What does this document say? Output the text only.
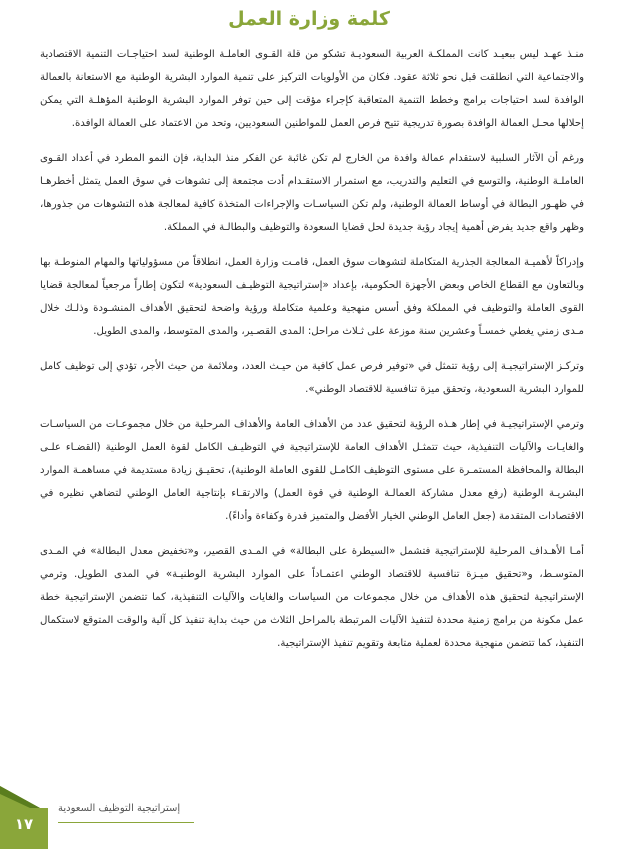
كلمة وزارة العمل

منـذ عهـد ليس ببعيـد كانت المملكـة العربية السعوديـة تشكو من قلة القـوى العاملـة الوطنية لسد احتياجـات التنمية الاقتصادية والاجتماعية التي انطلقت قبل نحو ثلاثة عقود. فكان من الأولويات التركيز على تنمية الموارد البشرية الوطنية مع الاستعانة بالعمالة الوافدة لسد احتياجات برامج وخطط التنمية المتعاقبة كإجراء مؤقت إلى حين توفر الموارد البشرية الوطنية المؤهلـة التي يمكن إحلالها محـل العمالة الوافدة بصورة تدريجية تتيح فرص العمل للمواطنين السعوديين، وتحد من الاعتماد على العمالة الوافدة.

ورغم أن الآثار السلبية لاستقدام عمالة وافدة من الخارج لم تكن غائبة عن الفكر منذ البداية، فإن النمو المطرد في أعداد القـوى العاملـة الوطنية، والتوسع في التعليم والتدريب، مع استمرار الاستقـدام أدت مجتمعة إلى تشوهات في سوق العمل يتمثل أخطرهـا في ظهـور البطالة في أوساط العمالة الوطنية، ولم تكن السياسـات والإجراءات المتخذة كافية لمعالجة هذه التشوهات من جذورها، وظهر واقع جديد يفرض أهمية إيجاد رؤية جديدة لحل قضايا السعودة والتوظيف والبطالـة في المملكة.

وإدراكاً لأهميـة المعالجة الجذرية المتكاملة لتشوهات سوق العمل، قامـت وزارة العمل، انطلاقاً من مسؤولياتها والمهام المنوطـة بها وبالتعاون مع القطاع الخاص وبعض الأجهزة الحكومية، بإعداد «إستراتيجية التوظيـف السعودية» لتكون إطاراً مرجعياً لمعالجة قضايا القوى العاملة والتوظيف في المملكة وفق أسس منهجية وعلمية متكاملة ورؤية واضحة لتحقيق الأهداف المنشـودة وذلـك خلال مـدى زمني يغطي خمسـاً وعشرين سنة موزعة على ثـلاث مراحل: المدى القصـير، والمدى المتوسط، والمدى الطويل.

وتركـز الإستراتيجيـة إلى رؤية تتمثل في «توفير فرص عمل كافية من حيـث العدد، وملائمة من حيث الأجر، تؤدي إلى توظيف كامل للموارد البشرية السعودية، وتحقق ميزة تنافسية للاقتصاد الوطني».

وترمي الإستراتيجيـة في إطار هـذه الرؤية لتحقيق عدد من الأهداف العامة والأهداف المرحلية من خلال مجموعـات من السياسـات والغايـات والآليات التنفيذية، حيث تتمثـل الأهداف العامة للإستراتيجية في التوظيـف الكامل لقوة العمل الوطنية (القضـاء علـى البطالة والمحافظة المستمـرة على مستوى التوظيف الكامـل للقوى العاملة الوطنية)، تحقيـق زيادة مستديمة في مساهمـة الموارد البشريـة الوطنية (رفع معدل مشاركة العمالـة الوطنية في قوة العمل) والارتقـاء بإنتاجية العامل الوطني لتضاهي نظيره في الاقتصادات المتقدمة (جعل العامل الوطني الخيار الأفضل والمتميز قدرة وكفاءة وأداءً).

أمـا الأهـداف المرحلية للإستراتيجية فتشمل «السيطرة على البطالة» في المـدى القصير، و«تخفيض معدل البطالة» في المـدى المتوسـط، و«تحقيق ميـزة تنافسية للاقتصاد الوطني اعتمـاداً على الموارد البشرية الوطنيـة» في المدى الطويل. وترمي الإستراتيجية لتحقيق هذه الأهداف من خلال مجموعات من السياسات والغايات والآليات التنفيذية، كما تتضمن الإستراتيجية خطة عمل مكونة من برامج زمنية محددة لتنفيذ الآليات المرتبطة بالمراحل الثلاث من حيث بداية تنفيذ كل آلية والوقت المتوقع لاستكمال التنفيذ، كما تتضمن منهجية محددة لعملية متابعة وتقويم تنفيذ الإستراتيجية.

١٧
إستراتيجية التوظيف السعودية
